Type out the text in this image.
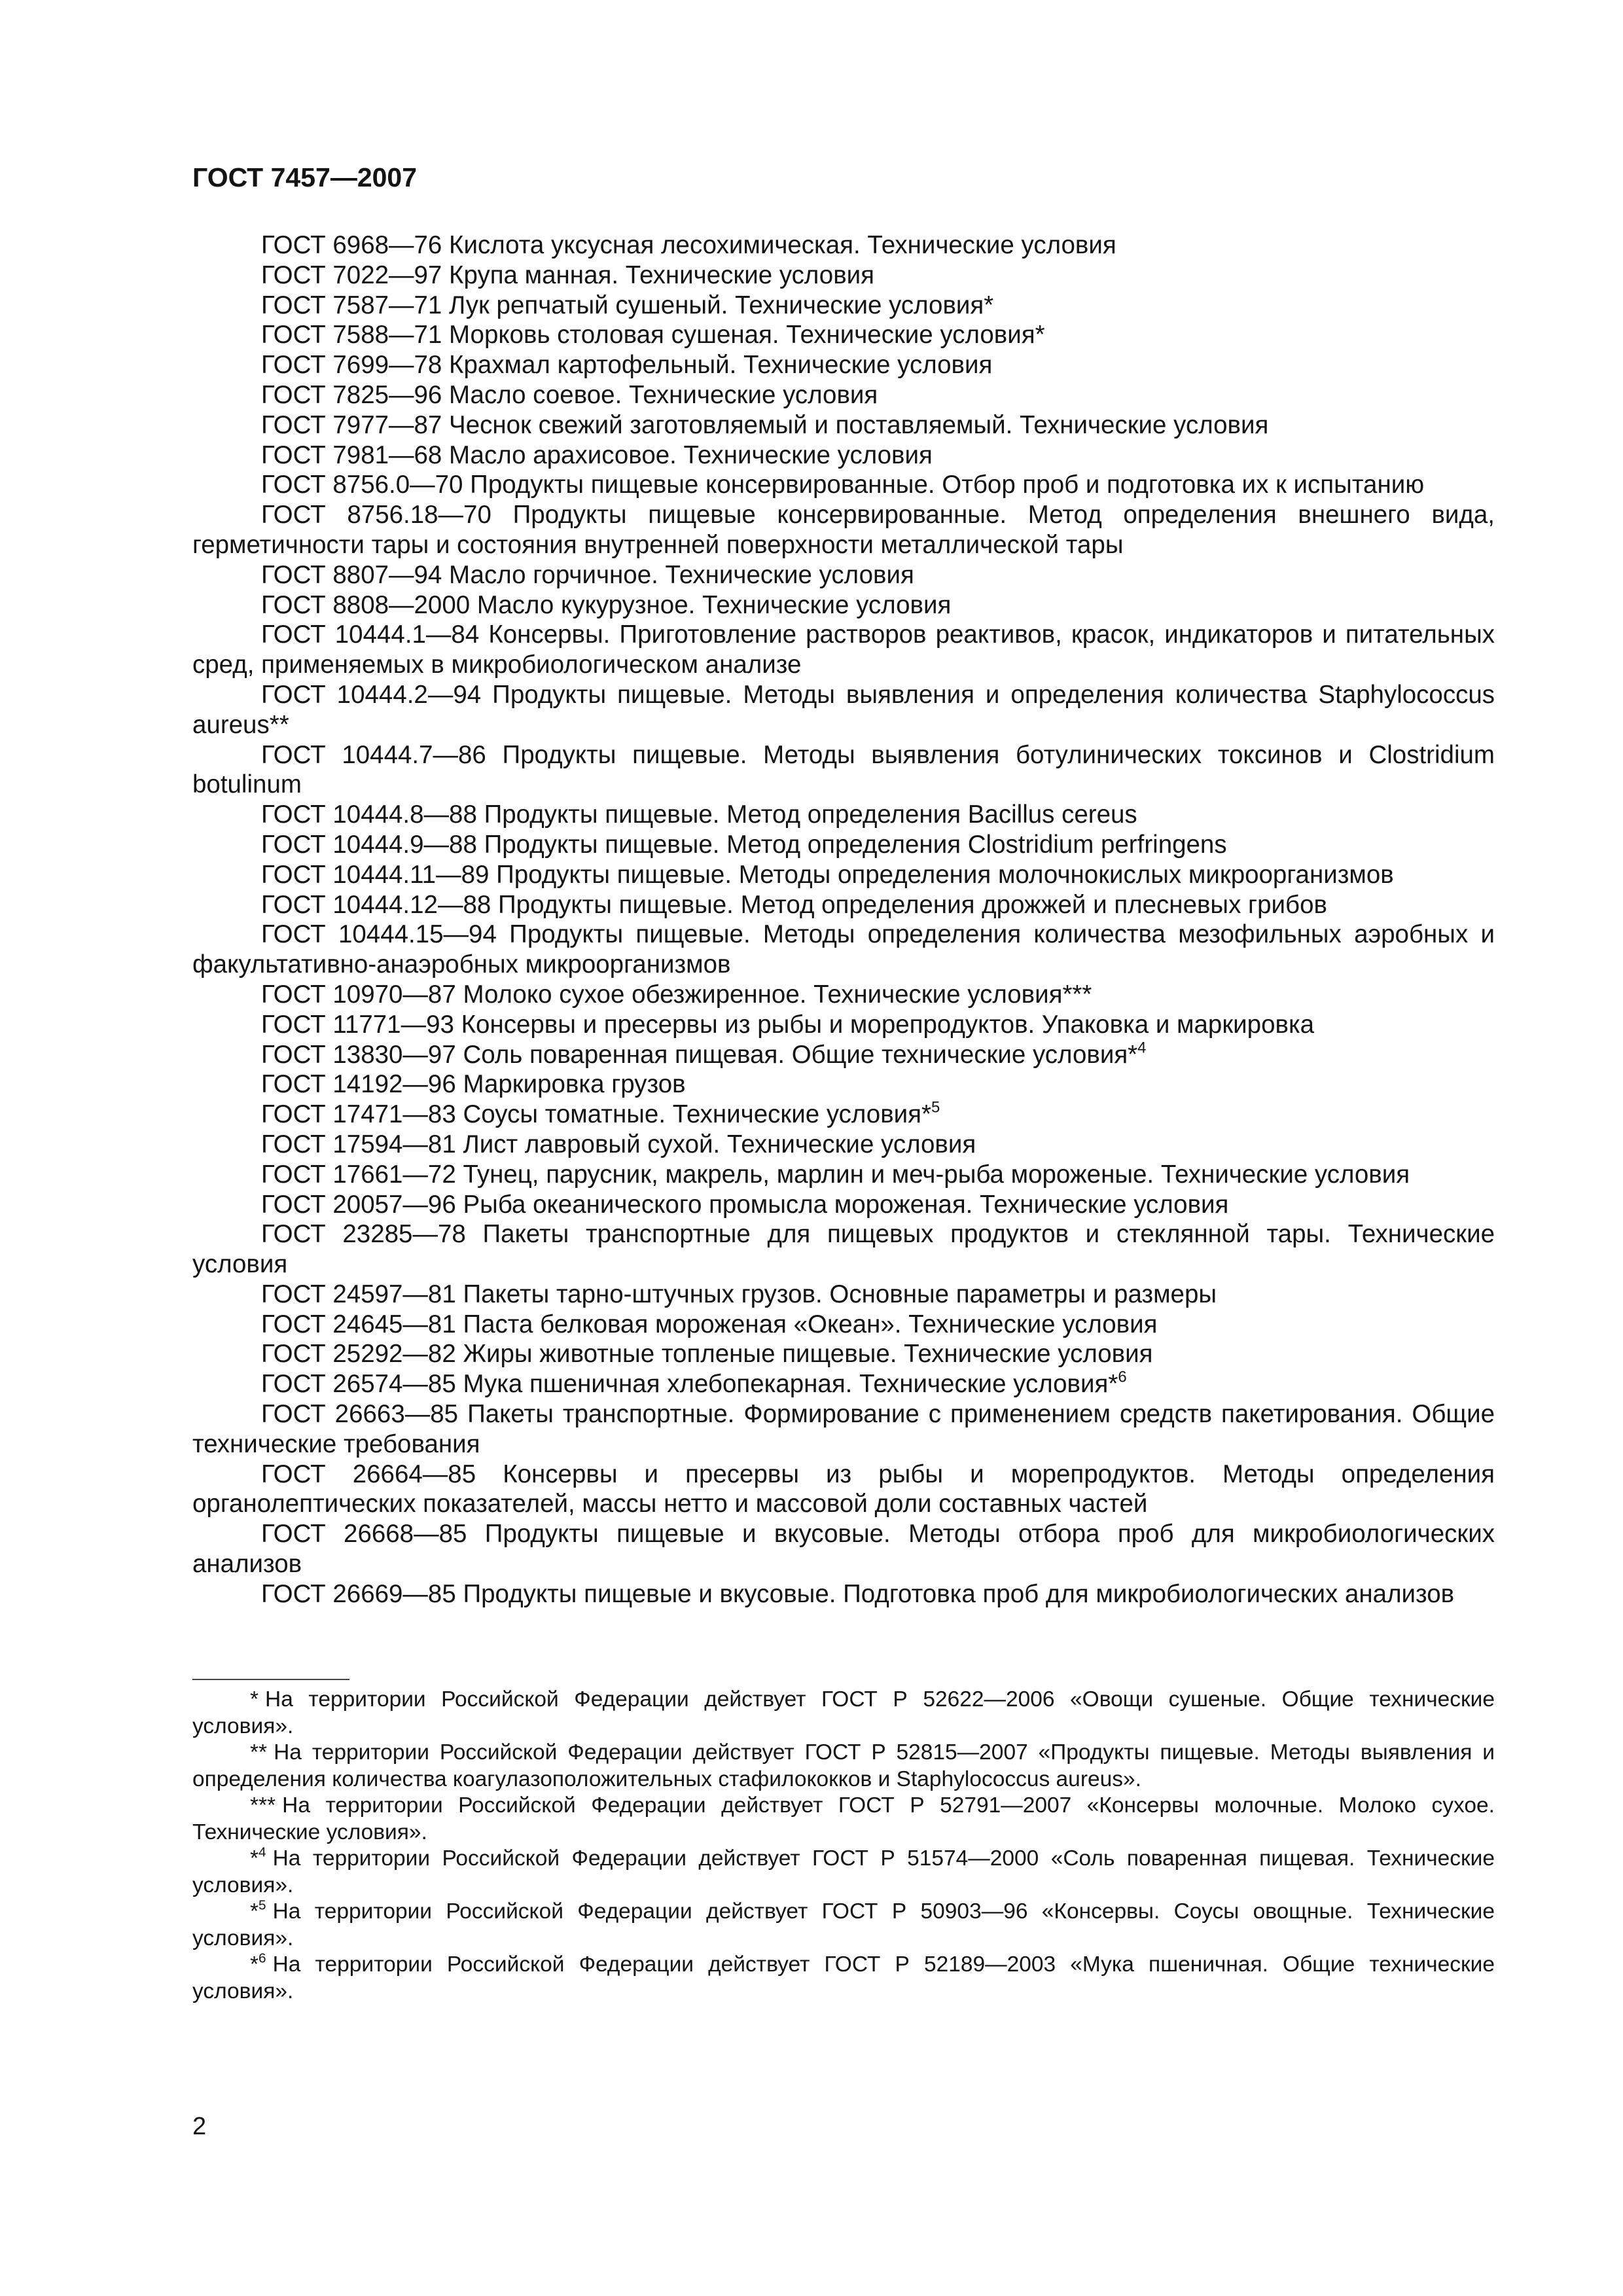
ГОСТ 7457—2007
ГОСТ 6968—76 Кислота уксусная лесохимическая. Технические условия
ГОСТ 7022—97 Крупа манная. Технические условия
ГОСТ 7587—71 Лук репчатый сушеный. Технические условия*
ГОСТ 7588—71 Морковь столовая сушеная. Технические условия*
ГОСТ 7699—78 Крахмал картофельный. Технические условия
ГОСТ 7825—96 Масло соевое. Технические условия
ГОСТ 7977—87 Чеснок свежий заготовляемый и поставляемый. Технические условия
ГОСТ 7981—68 Масло арахисовое. Технические условия
ГОСТ 8756.0—70 Продукты пищевые консервированные. Отбор проб и подготовка их к испытанию
ГОСТ 8756.18—70 Продукты пищевые консервированные. Метод определения внешнего вида, герметичности тары и состояния внутренней поверхности металлической тары
ГОСТ 8807—94 Масло горчичное. Технические условия
ГОСТ 8808—2000 Масло кукурузное. Технические условия
ГОСТ 10444.1—84 Консервы. Приготовление растворов реактивов, красок, индикаторов и питательных сред, применяемых в микробиологическом анализе
ГОСТ 10444.2—94 Продукты пищевые. Методы выявления и определения количества Staphylococcus aureus**
ГОСТ 10444.7—86 Продукты пищевые. Методы выявления ботулинических токсинов и Clostridium botulinum
ГОСТ 10444.8—88 Продукты пищевые. Метод определения Bacillus cereus
ГОСТ 10444.9—88 Продукты пищевые. Метод определения Clostridium perfringens
ГОСТ 10444.11—89 Продукты пищевые. Методы определения молочнокислых микроорганизмов
ГОСТ 10444.12—88 Продукты пищевые. Метод определения дрожжей и плесневых грибов
ГОСТ 10444.15—94 Продукты пищевые. Методы определения количества мезофильных аэробных и факультативно-анаэробных микроорганизмов
ГОСТ 10970—87 Молоко сухое обезжиренное. Технические условия***
ГОСТ 11771—93 Консервы и пресервы из рыбы и морепродуктов. Упаковка и маркировка
ГОСТ 13830—97 Соль поваренная пищевая. Общие технические условия*$^4$
ГОСТ 14192—96 Маркировка грузов
ГОСТ 17471—83 Соусы томатные. Технические условия*$^5$
ГОСТ 17594—81 Лист лавровый сухой. Технические условия
ГОСТ 17661—72 Тунец, парусник, макрель, марлин и меч-рыба мороженые. Технические условия
ГОСТ 20057—96 Рыба океанического промысла мороженая. Технические условия
ГОСТ 23285—78 Пакеты транспортные для пищевых продуктов и стеклянной тары. Технические условия
ГОСТ 24597—81 Пакеты тарно-штучных грузов. Основные параметры и размеры
ГОСТ 24645—81 Паста белковая мороженая «Океан». Технические условия
ГОСТ 25292—82 Жиры животные топленые пищевые. Технические условия
ГОСТ 26574—85 Мука пшеничная хлебопекарная. Технические условия*$^6$
ГОСТ 26663—85 Пакеты транспортные. Формирование с применением средств пакетирования. Общие технические требования
ГОСТ 26664—85 Консервы и пресервы из рыбы и морепродуктов. Методы определения органолептических показателей, массы нетто и массовой доли составных частей
ГОСТ 26668—85 Продукты пищевые и вкусовые. Методы отбора проб для микробиологических анализов
ГОСТ 26669—85 Продукты пищевые и вкусовые. Подготовка проб для микробиологических анализов
* На территории Российской Федерации действует ГОСТ Р 52622—2006 «Овощи сушеные. Общие технические условия».
** На территории Российской Федерации действует ГОСТ Р 52815—2007 «Продукты пищевые. Методы выявления и определения количества коагулазоположительных стафилококков и Staphylococcus aureus».
*** На территории Российской Федерации действует ГОСТ Р 52791—2007 «Консервы молочные. Молоко сухое. Технические условия».
*$^4$ На территории Российской Федерации действует ГОСТ Р 51574—2000 «Соль поваренная пищевая. Технические условия».
*$^5$ На территории Российской Федерации действует ГОСТ Р 50903—96 «Консервы. Соусы овощные. Технические условия».
*$^6$ На территории Российской Федерации действует ГОСТ Р 52189—2003 «Мука пшеничная. Общие технические условия».
2
